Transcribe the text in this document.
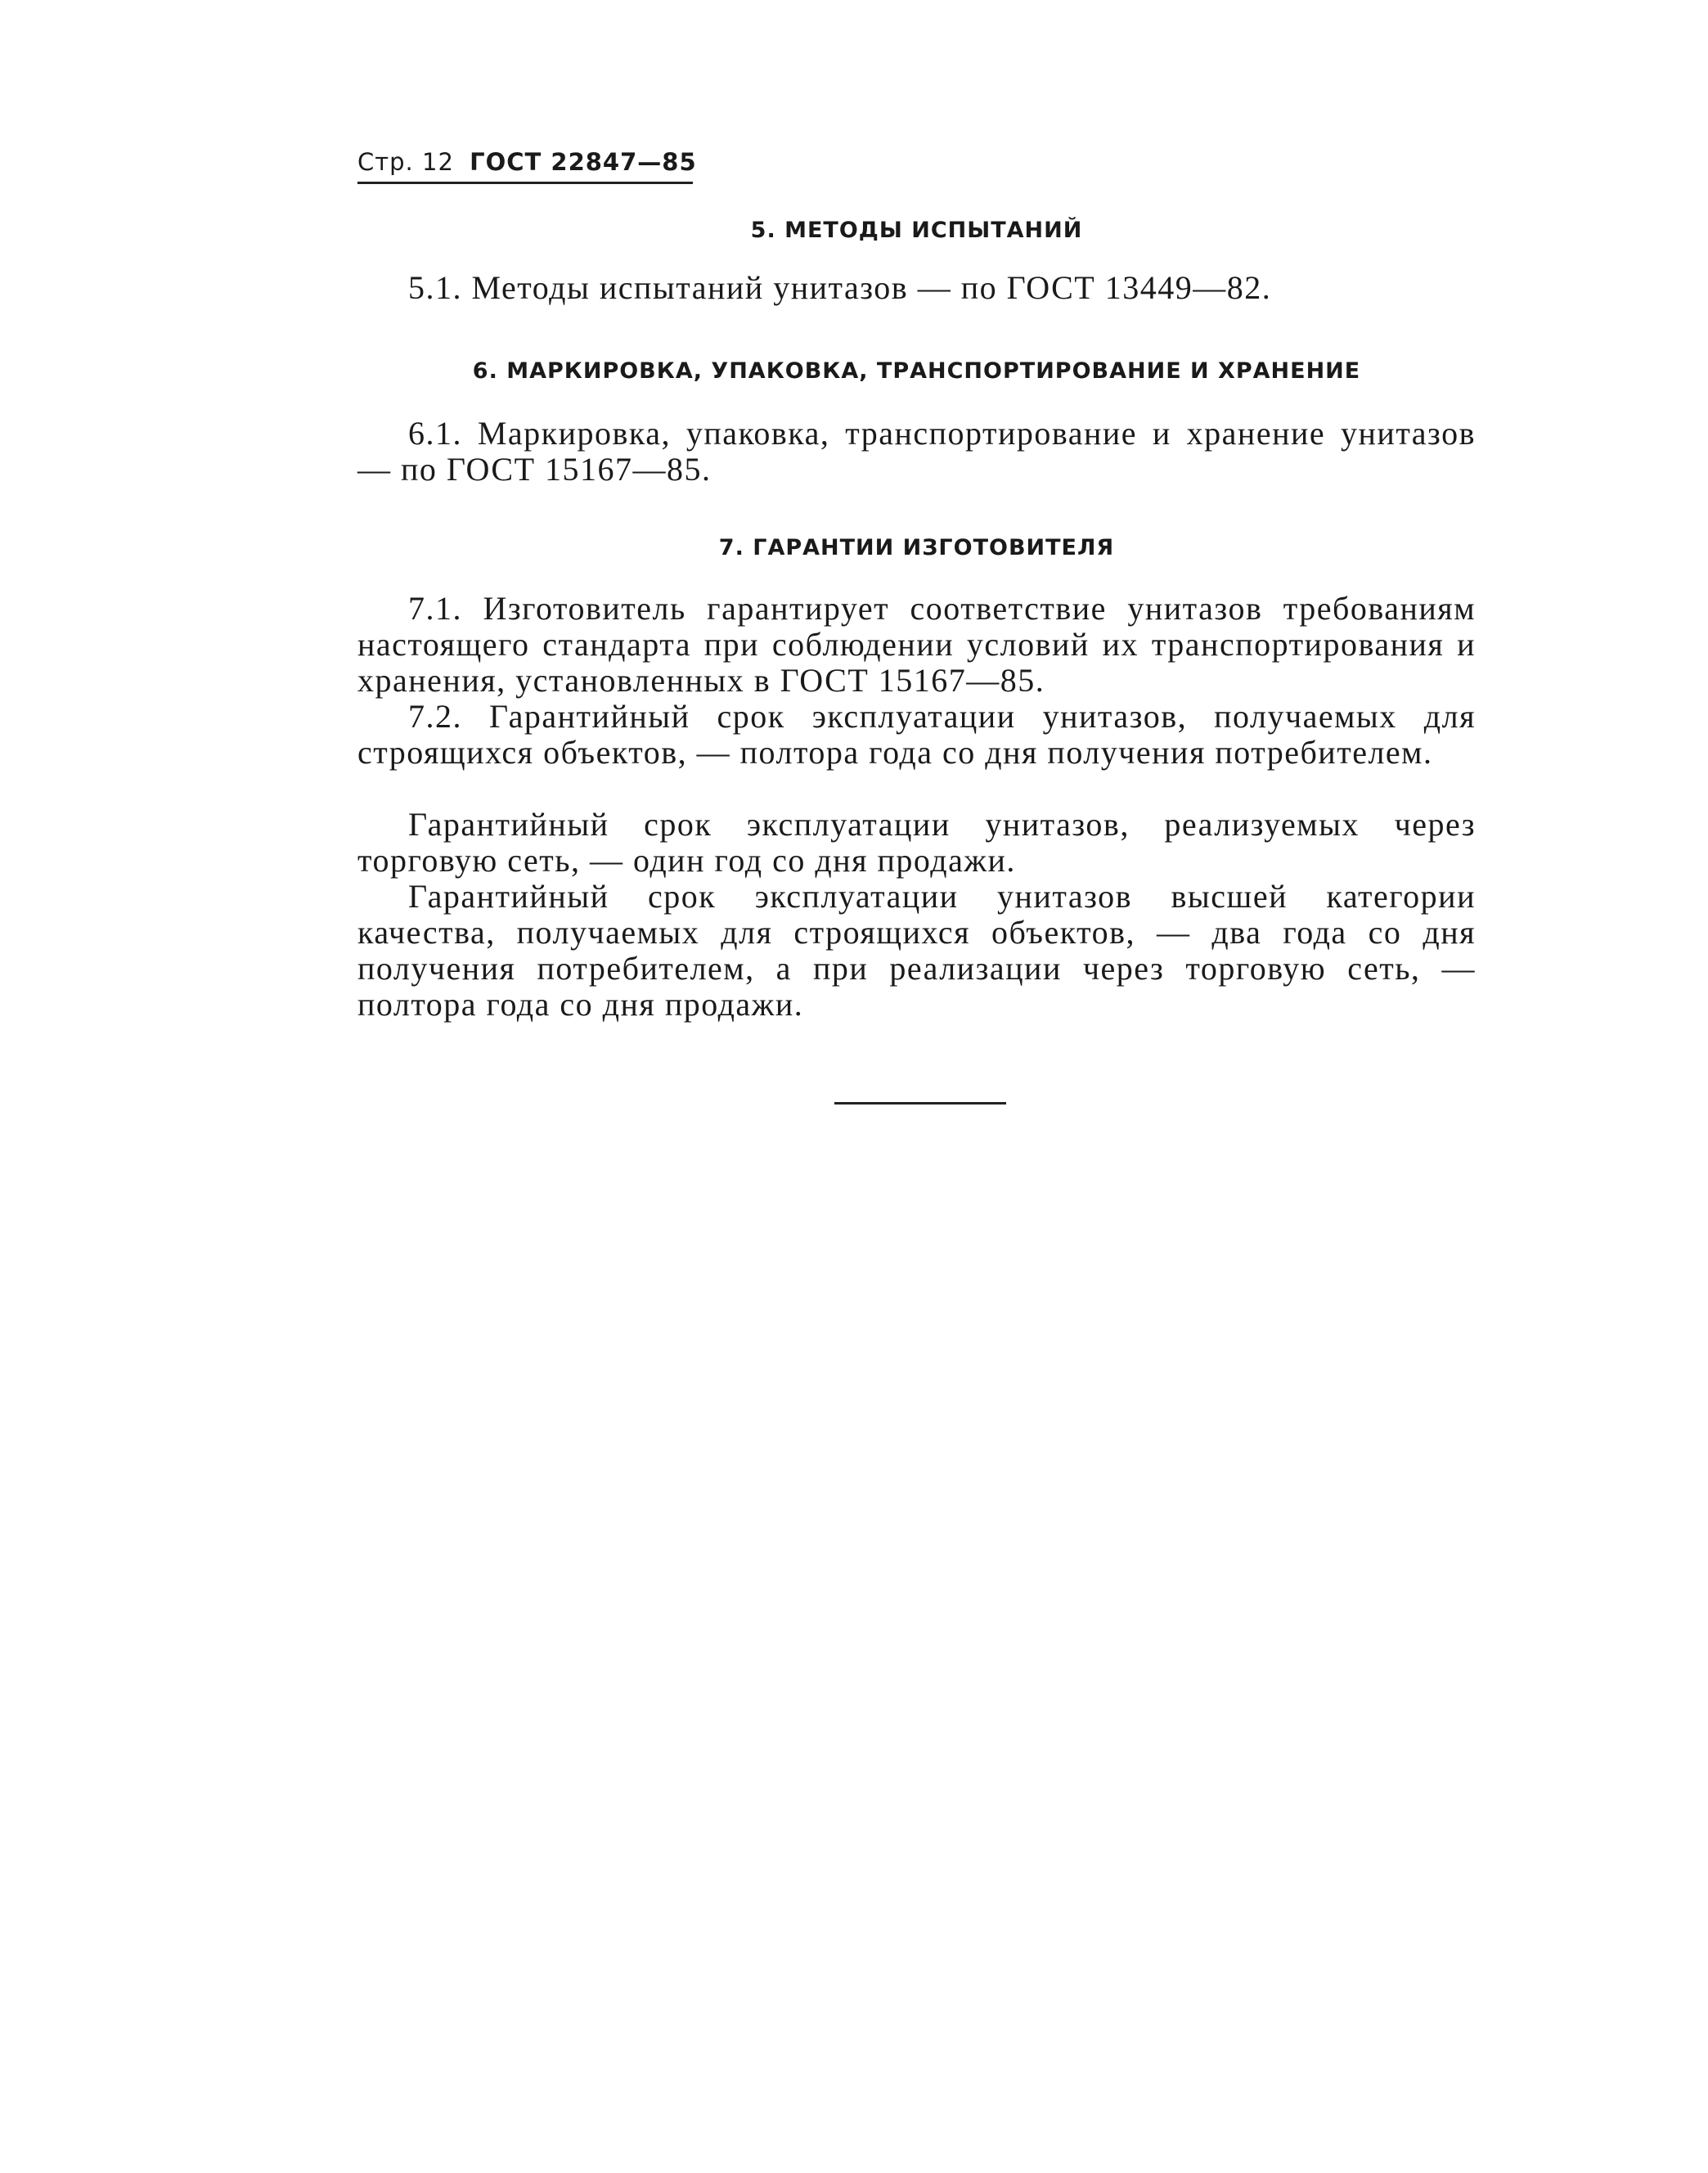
Стр. 12 ГОСТ 22847—85
5. МЕТОДЫ ИСПЫТАНИЙ
5.1. Методы испытаний унитазов — по ГОСТ 13449—82.
6. МАРКИРОВКА, УПАКОВКА, ТРАНСПОРТИРОВАНИЕ И ХРАНЕНИЕ
6.1. Маркировка, упаковка, транспортирование и хранение унитазов — по ГОСТ 15167—85.
7. ГАРАНТИИ ИЗГОТОВИТЕЛЯ
7.1. Изготовитель гарантирует соответствие унитазов требованиям настоящего стандарта при соблюдении условий их транспортирования и хранения, установленных в ГОСТ 15167—85.
7.2. Гарантийный срок эксплуатации унитазов, получаемых для строящихся объектов, — полтора года со дня получения потребителем.
Гарантийный срок эксплуатации унитазов, реализуемых через торговую сеть, — один год со дня продажи.
Гарантийный срок эксплуатации унитазов высшей категории качества, получаемых для строящихся объектов, — два года со дня получения потребителем, а при реализации через торговую сеть, — полтора года со дня продажи.
